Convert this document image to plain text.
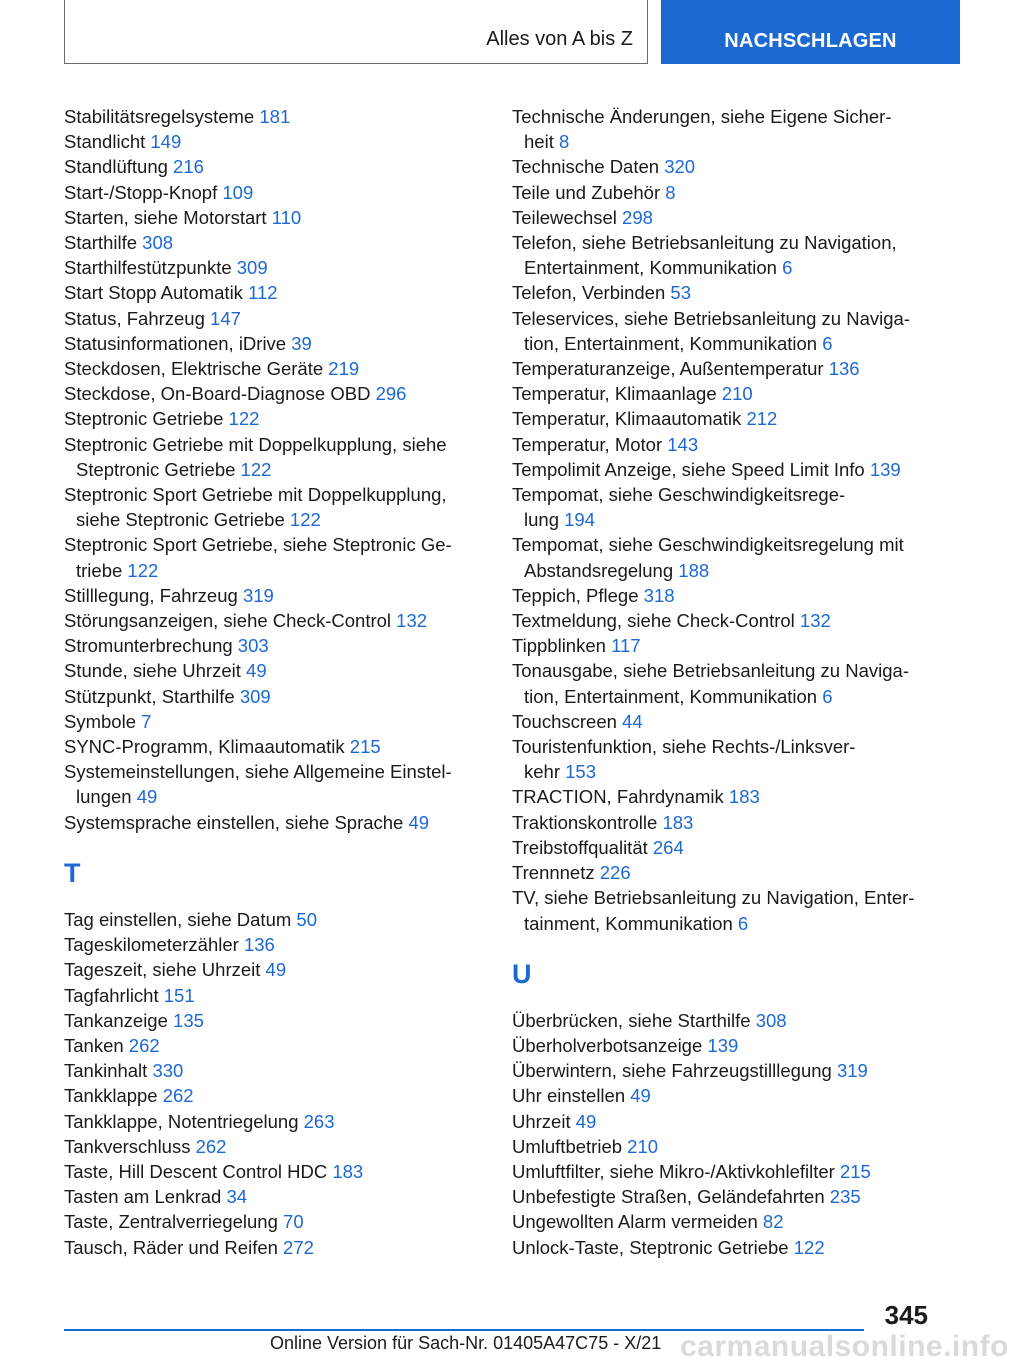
Alles von A bis Z	NACHSCHLAGEN
Stabilitätsregelsysteme 181
Standlicht 149
Standlüftung 216
Start-/Stopp-Knopf 109
Starten, siehe Motorstart 110
Starthilfe 308
Starthilfestützpunkte 309
Start Stopp Automatik 112
Status, Fahrzeug 147
Statusinformationen, iDrive 39
Steckdosen, Elektrische Geräte 219
Steckdose, On-Board-Diagnose OBD 296
Steptronic Getriebe 122
Steptronic Getriebe mit Doppelkupplung, siehe
Steptronic Getriebe 122
Steptronic Sport Getriebe mit Doppelkupplung,
siehe Steptronic Getriebe 122
Steptronic Sport Getriebe, siehe Steptronic Ge‐
triebe 122
Stilllegung, Fahrzeug 319
Störungsanzeigen, siehe Check-Control 132
Stromunterbrechung 303
Stunde, siehe Uhrzeit 49
Stützpunkt, Starthilfe 309
Symbole 7
SYNC-Programm, Klimaautomatik 215
Systemeinstellungen, siehe Allgemeine Einstel‐
lungen 49
Systemsprache einstellen, siehe Sprache 49
T
Tag einstellen, siehe Datum 50
Tageskilometerzähler 136
Tageszeit, siehe Uhrzeit 49
Tagfahrlicht 151
Tankanzeige 135
Tanken 262
Tankinhalt 330
Tankklappe 262
Tankklappe, Notentriegelung 263
Tankverschluss 262
Taste, Hill Descent Control HDC 183
Tasten am Lenkrad 34
Taste, Zentralverriegelung 70
Tausch, Räder und Reifen 272
Technische Änderungen, siehe Eigene Sicher‐
heit 8
Technische Daten 320
Teile und Zubehör 8
Teilewechsel 298
Telefon, siehe Betriebsanleitung zu Navigation,
Entertainment, Kommunikation 6
Telefon, Verbinden 53
Teleservices, siehe Betriebsanleitung zu Naviga‐
tion, Entertainment, Kommunikation 6
Temperaturanzeige, Außentemperatur 136
Temperatur, Klimaanlage 210
Temperatur, Klimaautomatik 212
Temperatur, Motor 143
Tempolimit Anzeige, siehe Speed Limit Info 139
Tempomat, siehe Geschwindigkeitsrege‐
lung 194
Tempomat, siehe Geschwindigkeitsregelung mit
Abstandsregelung 188
Teppich, Pflege 318
Textmeldung, siehe Check-Control 132
Tippblinken 117
Tonausgabe, siehe Betriebsanleitung zu Naviga‐
tion, Entertainment, Kommunikation 6
Touchscreen 44
Touristenfunktion, siehe Rechts-/Linksver‐
kehr 153
TRACTION, Fahrdynamik 183
Traktionskontrolle 183
Treibstoffqualität 264
Trennnetz 226
TV, siehe Betriebsanleitung zu Navigation, Enter‐
tainment, Kommunikation 6
U
Überbrücken, siehe Starthilfe 308
Überholverbotsanzeige 139
Überwintern, siehe Fahrzeugstilllegung 319
Uhr einstellen 49
Uhrzeit 49
Umluftbetrieb 210
Umluftfilter, siehe Mikro-/Aktivkohlefilter 215
Unbefestigte Straßen, Geländefahrten 235
Ungewollten Alarm vermeiden 82
Unlock-Taste, Steptronic Getriebe 122
345
Online Version für Sach-Nr. 01405A47C75 - X/21 carmanualsonline.info
